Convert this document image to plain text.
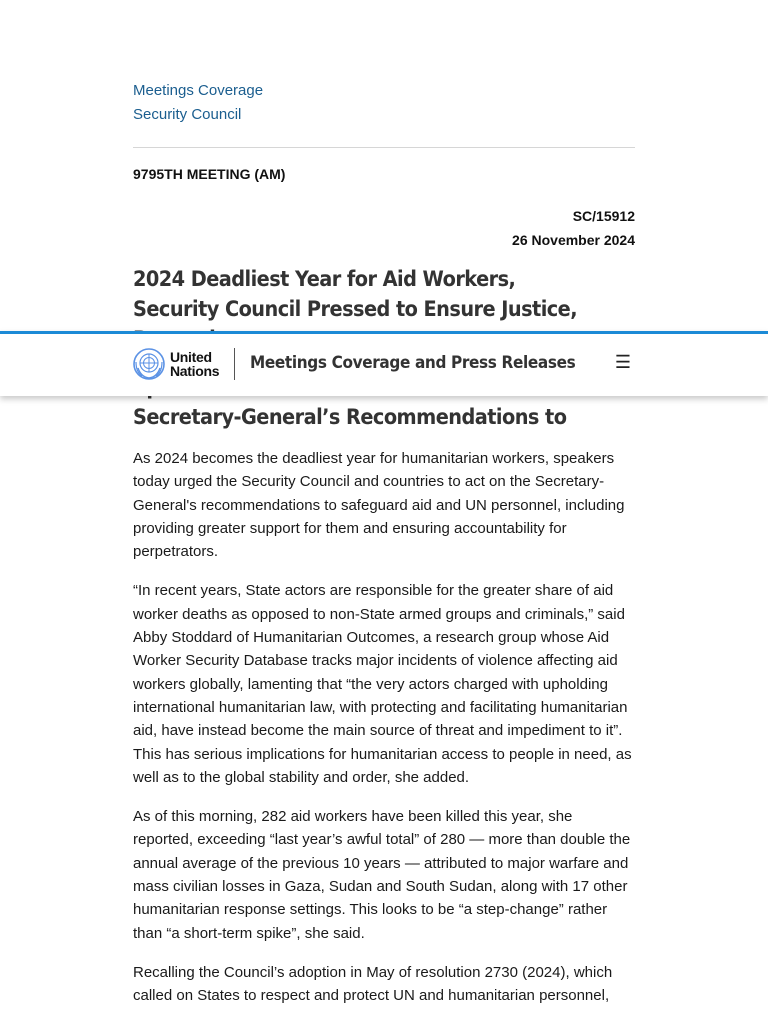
Meetings Coverage
Security Council
9795TH MEETING (AM)
SC/15912
26 November 2024
2024 Deadliest Year for Aid Workers, Security Council Pressed to Ensure Justice,
Secretary-General’s Recommendations to

As 2024 becomes the deadliest year for humanitarian workers, speakers today urged the Security Council and countries to act on the Secretary-General's recommendations to safeguard aid and UN personnel, including providing greater support for them and ensuring accountability for perpetrators.

“In recent years, State actors are responsible for the greater share of aid worker deaths as opposed to non-State armed groups and criminals,” said Abby Stoddard of Humanitarian Outcomes, a research group whose Aid Worker Security Database tracks major incidents of violence affecting aid workers globally, lamenting that “the very actors charged with upholding international humanitarian law, with protecting and facilitating humanitarian aid, have instead become the main source of threat and impediment to it”. This has serious implications for humanitarian access to people in need, as well as to the global stability and order, she added.

As of this morning, 282 aid workers have been killed this year, she reported, exceeding “last year’s awful total” of 280 — more than double the annual average of the previous 10 years — attributed to major warfare and mass civilian losses in Gaza, Sudan and South Sudan, along with 17 other humanitarian response settings. This looks to be “a step-change” rather than “a short-term spike”, she said.

Recalling the Council’s adoption in May of resolution 2730 (2024), which called on States to respect and protect UN and humanitarian personnel,

United
Nations Meetings Coverage and Press Releases ☰
